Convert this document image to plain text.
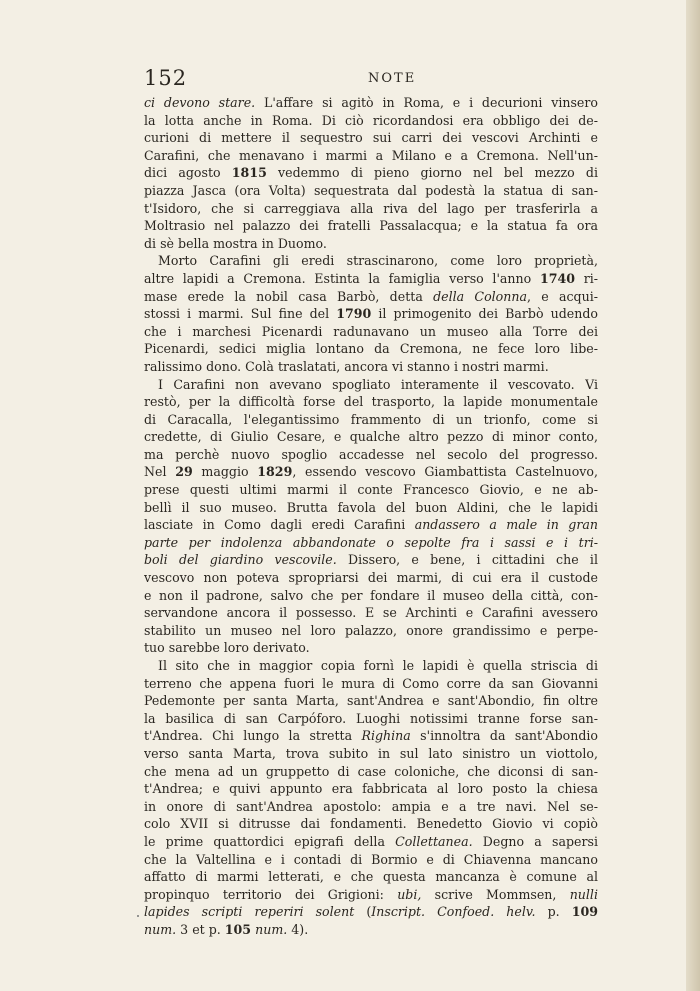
152	NOTE
ci devono stare. L'affare si agitò in Roma, e i decurioni vinsero
la lotta anche in Roma. Di ciò ricordandosi era obbligo dei de-
curioni di mettere il sequestro sui carri dei vescovi Archinti e
Carafini, che menavano i marmi a Milano e a Cremona. Nell'un-
dici agosto 1815 vedemmo di pieno giorno nel bel mezzo di
piazza Jasca (ora Volta) sequestrata dal podestà la statua di san-
t'Isidoro, che si carreggiava alla riva del lago per trasferirla a
Moltrasio nel palazzo dei fratelli Passalacqua; e la statua fa ora
di sè bella mostra in Duomo.
Morto Carafini gli eredi strascinarono, come loro proprietà,
altre lapidi a Cremona. Estinta la famiglia verso l'anno 1740 ri-
mase erede la nobil casa Barbò, detta della Colonna, e acqui-
stossi i marmi. Sul fine del 1790 il primogenito dei Barbò udendo
che i marchesi Picenardi radunavano un museo alla Torre dei
Picenardi, sedici miglia lontano da Cremona, ne fece loro libe-
ralissimo dono. Colà traslatati, ancora vi stanno i nostri marmi.
I Carafini non avevano spogliato interamente il vescovato. Vi
restò, per la difficoltà forse del trasporto, la lapide monumentale
di Caracalla, l'elegantissimo frammento di un trionfo, come si
credette, di Giulio Cesare, e qualche altro pezzo di minor conto,
ma perchè nuovo spoglio accadesse nel secolo del progresso.
Nel 29 maggio 1829, essendo vescovo Giambattista Castelnuovo,
prese questi ultimi marmi il conte Francesco Giovio, e ne ab-
bellì il suo museo. Brutta favola del buon Aldini, che le lapidi
lasciate in Como dagli eredi Carafini andassero a male in gran
parte per indolenza abbandonate o sepolte fra i sassi e i tri-
boli del giardino vescovile. Dissero, e bene, i cittadini che il
vescovo non poteva spropriarsi dei marmi, di cui era il custode
e non il padrone, salvo che per fondare il museo della città, con-
servandone ancora il possesso. E se Archinti e Carafini avessero
stabilito un museo nel loro palazzo, onore grandissimo e perpe-
tuo sarebbe loro derivato.
Il sito che in maggior copia fornì le lapidi è quella striscia di
terreno che appena fuori le mura di Como corre da san Giovanni
Pedemonte per santa Marta, sant'Andrea e sant'Abondio, fin oltre
la basilica di san Carpóforo. Luoghi notissimi tranne forse san-
t'Andrea. Chi lungo la stretta Righina s'innoltra da sant'Abondio
verso santa Marta, trova subito in sul lato sinistro un viottolo,
che mena ad un gruppetto di case coloniche, che diconsi di san-
t'Andrea; e quivi appunto era fabbricata al loro posto la chiesa
in onore di sant'Andrea apostolo: ampia e a tre navi. Nel se-
colo XVII si ditrusse dai fondamenti. Benedetto Giovio vi copiò
le prime quattordici epigrafi della Collettanea. Degno a sapersi
che la Valtellina e i contadi di Bormio e di Chiavenna mancano
affatto di marmi letterati, e che questa mancanza è comune al
propinquo territorio dei Grigioni: ubi, scrive Mommsen, nulli
lapides scripti reperiri solent (Inscript. Confoed. helv. p. 109
num. 3 et p. 105 num. 4).
